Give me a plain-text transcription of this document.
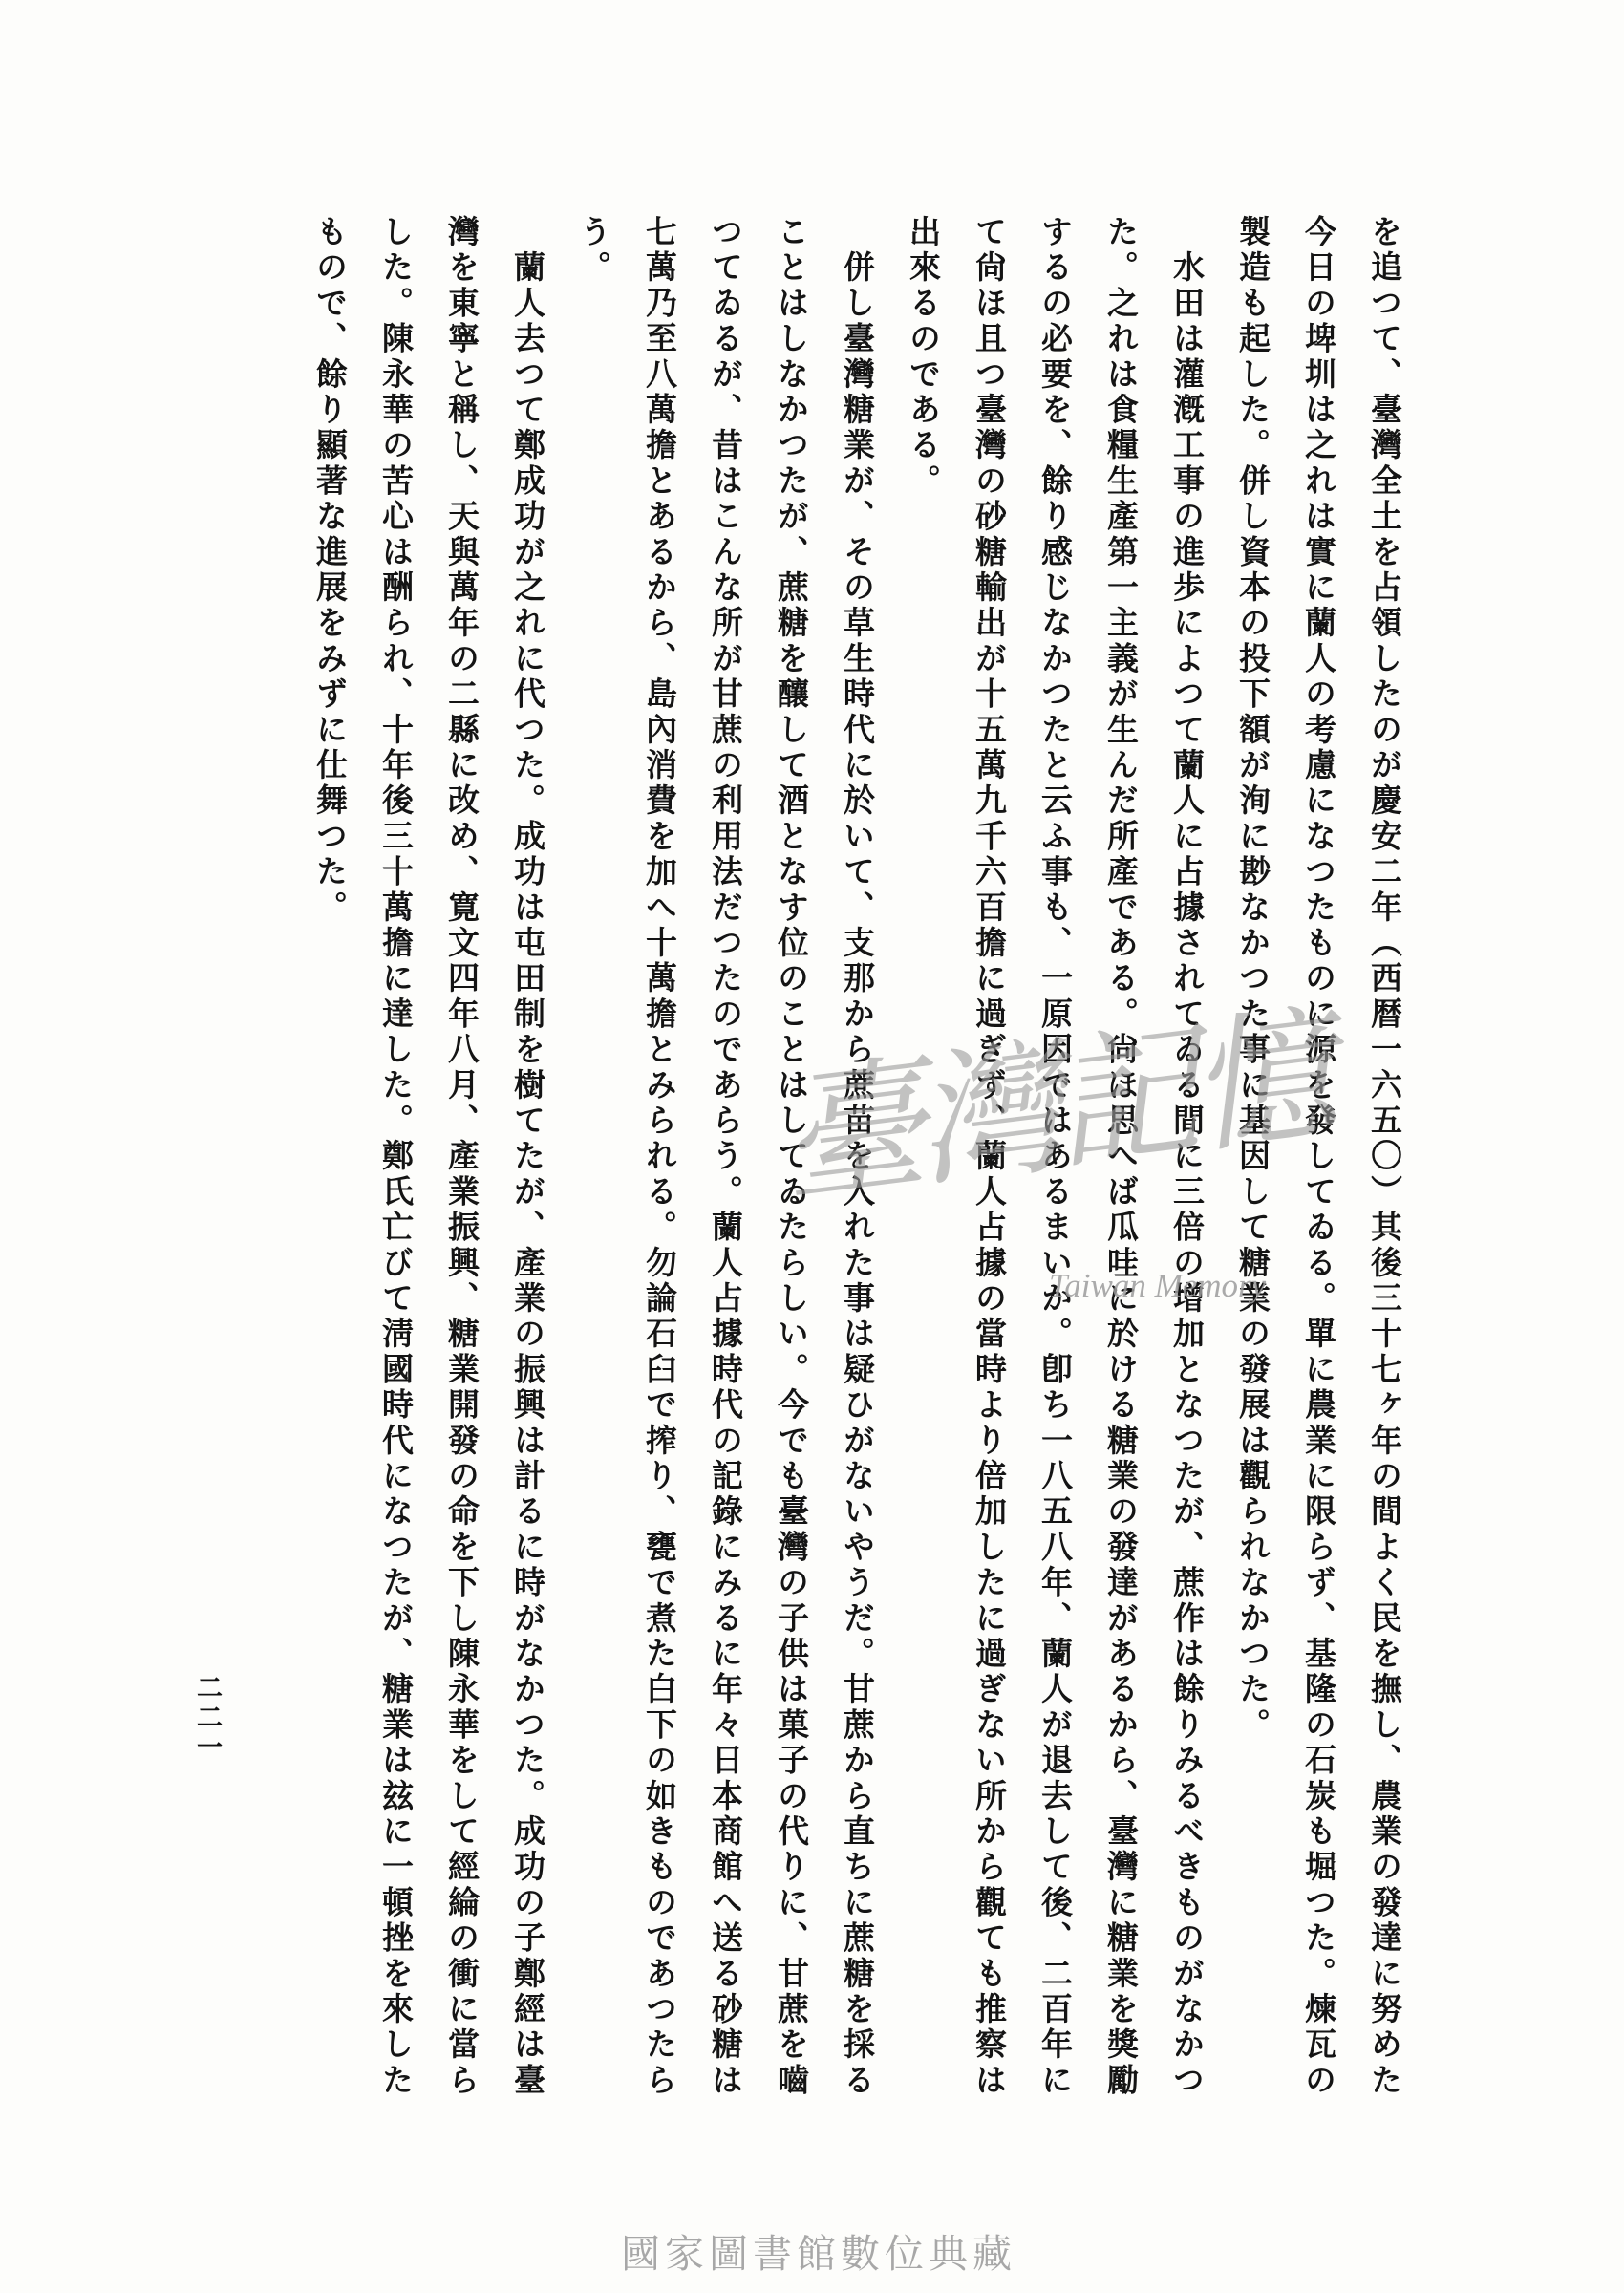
を追つて、臺灣全土を占領したのが慶安二年（西暦一六五〇）其後三十七ヶ年の間よく民を撫し、農業の發達に努めた
今日の埤圳は之れは實に蘭人の考慮になつたものに源を發してゐる。單に農業に限らず、基隆の石炭も堀つた。煉瓦の
製造も起した。併し資本の投下額が洵に尠なかつた事に基因して糖業の發展は觀られなかつた。
　水田は灌漑工事の進歩によつて蘭人に占據されてゐる間に三倍の增加となつたが、蔗作は餘りみるべきものがなかつ
た。之れは食糧生產第一主義が生んだ所產である。尙ほ思へば瓜哇に於ける糖業の發達があるから、臺灣に糖業を獎勵
するの必要を、餘り感じなかつたと云ふ事も、一原因ではあるまいか。卽ち一八五八年、蘭人が退去して後、二百年に
て尙ほ且つ臺灣の砂糖輸出が十五萬九千六百擔に過ぎず、蘭人占據の當時より倍加したに過ぎない所から觀ても推察は
出來るのである。
　併し臺灣糖業が、その草生時代に於いて、支那から蔗苗を入れた事は疑ひがないやうだ。甘蔗から直ちに蔗糖を採る
ことはしなかつたが、蔗糖を釀して酒となす位のことはしてゐたらしい。今でも臺灣の子供は菓子の代りに、甘蔗を嚙
つてゐるが、昔はこんな所が甘蔗の利用法だつたのであらう。蘭人占據時代の記錄にみるに年々日本商館へ送る砂糖は
七萬乃至八萬擔とあるから、島內消費を加へ十萬擔とみられる。勿論石臼で搾り、甕で煮た白下の如きものであつたら
う。
　蘭人去つて鄭成功が之れに代つた。成功は屯田制を樹てたが、產業の振興は計るに時がなかつた。成功の子鄭經は臺
灣を東寧と稱し、天與萬年の二縣に改め、寛文四年八月、產業振興、糖業開發の命を下し陳永華をして經綸の衝に當ら
した。陳永華の苦心は酬られ、十年後三十萬擔に達した。鄭氏亡びて淸國時代になつたが、糖業は玆に一頓挫を來した
もので、餘り顯著な進展をみずに仕舞つた。
臺灣記憶
Taiwan Memory
二二一
國家圖書館數位典藏
